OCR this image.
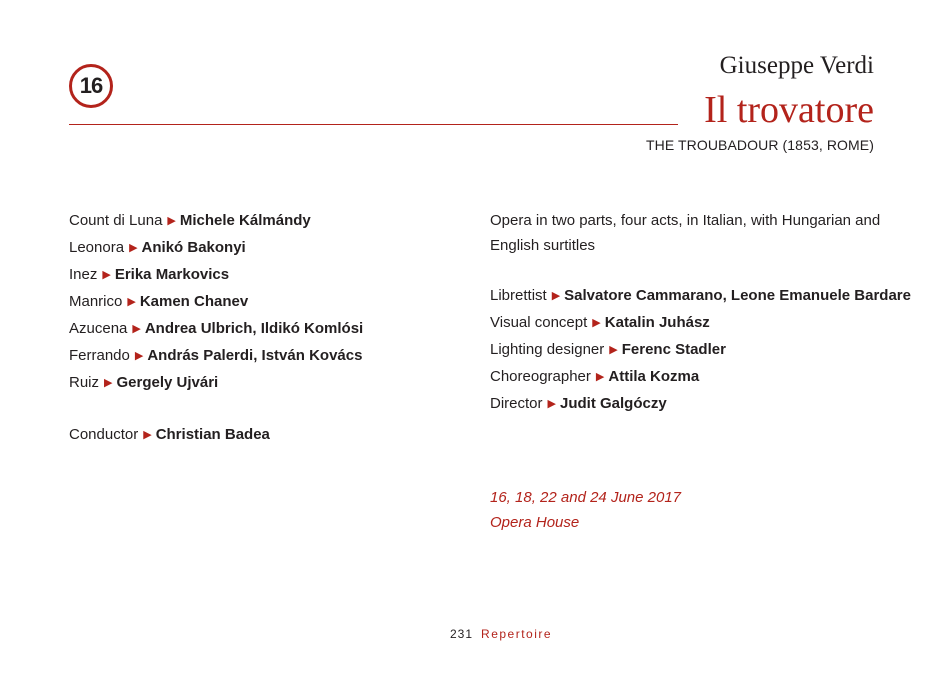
16
Giuseppe Verdi
Il trovatore
THE TROUBADOUR (1853, ROME)
Count di Luna ▶ Michele Kálmándy
Leonora ▶ Anikó Bakonyi
Inez ▶ Erika Markovics
Manrico ▶ Kamen Chanev
Azucena ▶ Andrea Ulbrich, Ildikó Komlósi
Ferrando ▶ András Palerdi, István Kovács
Ruiz ▶ Gergely Ujvári
Conductor ▶ Christian Badea
Opera in two parts, four acts, in Italian, with Hungarian and
English surtitles
Librettist ▶ Salvatore Cammarano, Leone Emanuele Bardare
Visual concept ▶ Katalin Juhász
Lighting designer ▶ Ferenc Stadler
Choreographer ▶ Attila Kozma
Director ▶ Judit Galgóczy
16, 18, 22 and 24 June 2017
Opera House
231 Repertoire
